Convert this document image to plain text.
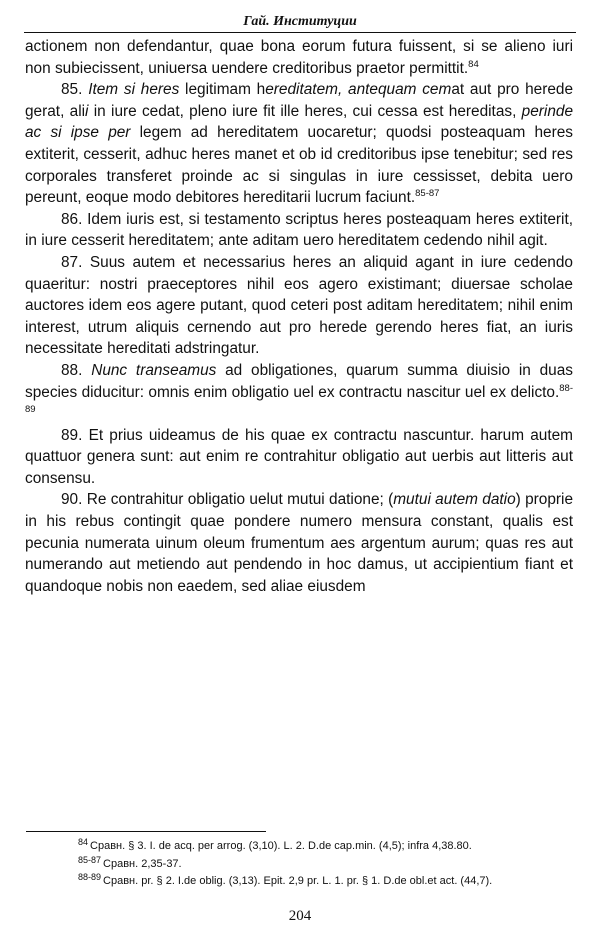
Гай. Институции

actionem non defendantur, quae bona eorum futura fuissent, si se alieno iuri non subiecissent, uniuersa uendere creditoribus praetor permittit.$^{84}$

85. Item si heres legitimam hereditatem, antequam cemat aut pro herede gerat, alii in iure cedat, pleno iure fit ille heres, cui cessa est hereditas, perinde ac si ipse per legem ad hereditatem uocaretur; quodsi posteaquam heres extiterit, cesserit, adhuc heres manet et ob id creditoribus ipse tenebitur; sed res corporales transferet proinde ac si singulas in iure cessisset, debita uero pereunt, eoque modo debitores hereditarii lucrum faciunt.$^{85-87}$

86. Idem iuris est, si testamento scriptus heres posteaquam heres extiterit, in iure cesserit hereditatem; ante aditam uero hereditatem cedendo nihil agit.

87. Suus autem et necessarius heres an aliquid agant in iure cedendo quaeritur: nostri praeceptores nihil eos agero existimant; diuersae scholae auctores idem eos agere putant, quod ceteri post aditam hereditatem; nihil enim interest, utrum aliquis cernendo aut pro herede gerendo heres fiat, an iuris necessitate hereditati adstringatur.

88. Nunc transeamus ad obligationes, quarum summa diuisio in duas species diducitur: omnis enim obligatio uel ex contractu nascitur uel ex delicto.$^{88-89}$

89. Et prius uideamus de his quae ex contractu nascuntur. harum autem quattuor genera sunt: aut enim re contrahitur obligatio aut uerbis aut litteris aut consensu.

90. Re contrahitur obligatio uelut mutui datione; (mutui autem datio) proprie in his rebus contingit quae pondere numero mensura constant, qualis est pecunia numerata uinum oleum frumentum aes argentum aurum; quas res aut numerando aut metiendo aut pendendo in hoc damus, ut accipientium fiant et quandoque nobis non eaedem, sed aliae eiusdem

$^{84}$ Сравн. § 3. I. de acq. per arrog. (3,10). L. 2. D.de cap.min. (4,5); infra 4,38.80.

$^{85-87}$ Сравн. 2,35-37.

$^{88-89}$ Сравн. pr. § 2. I.de oblig. (3,13). Epit. 2,9 pr. L. 1. pr. § 1. D.de obl.et act. (44,7).

204
